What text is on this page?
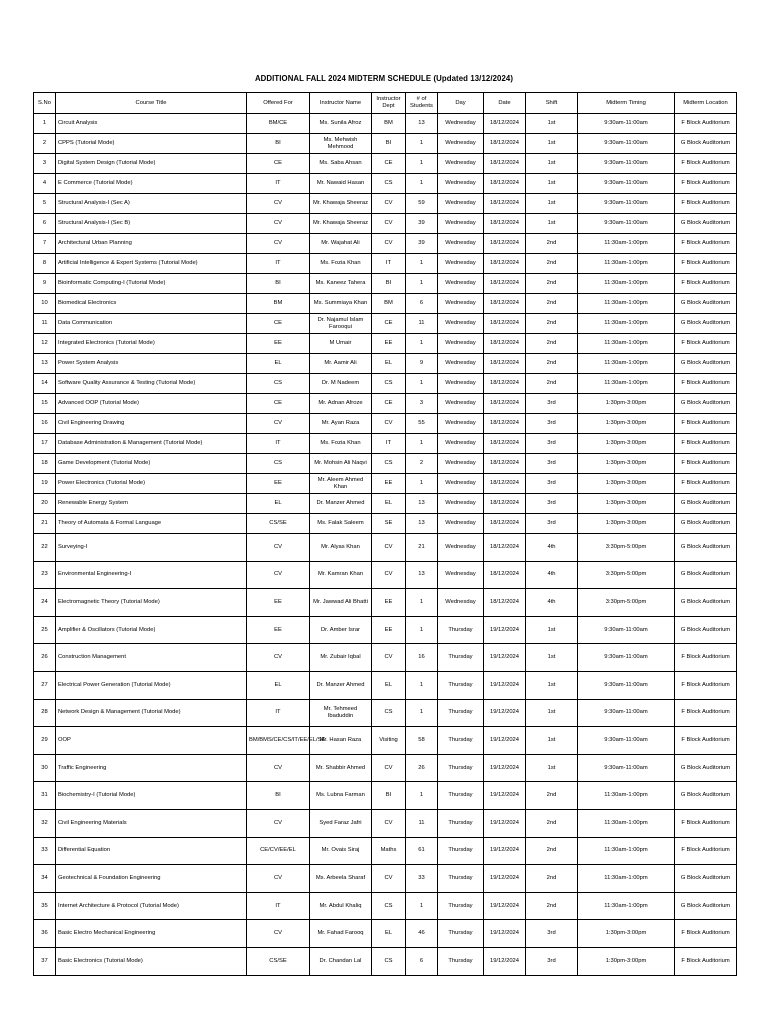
ADDITIONAL FALL 2024 MIDTERM SCHEDULE (Updated 13/12/2024)
S.No	Course Title	Offered For	Instructor Name	Instructor Dept	# of Students	Day	Date	Shift	Midterm Timing	Midterm Location
1	Circuit Analysis	BM/CE	Ms. Sunila Afroz	BM	13	Wednesday	18/12/2024	1st	9:30am-11:00am	F Block Auditorium
2	CPPS (Tutorial Mode)	BI	Ms. Mehwish Mehmood	BI	1	Wednesday	18/12/2024	1st	9:30am-11:00am	G Block Auditorium
3	Digital System Design (Tutorial Mode)	CE	Ms. Saba Ahsan	CE	1	Wednesday	18/12/2024	1st	9:30am-11:00am	F Block Auditorium
4	E Commerce (Tutorial Mode)	IT	Mr. Nawaid Hasan	CS	1	Wednesday	18/12/2024	1st	9:30am-11:00am	F Block Auditorium
5	Structural Analysis-I (Sec A)	CV	Mr. Khawaja Sheeraz	CV	59	Wednesday	18/12/2024	1st	9:30am-11:00am	F Block Auditorium
6	Structural Analysis-I (Sec B)	CV	Mr. Khawaja Sheeraz	CV	39	Wednesday	18/12/2024	1st	9:30am-11:00am	G Block Auditorium
7	Architectural Urban Planning	CV	Mr. Wajahat Ali	CV	39	Wednesday	18/12/2024	2nd	11:30am-1:00pm	F Block Auditorium
8	Artificial Intelligence & Expert Systems (Tutorial Mode)	IT	Ms. Fozia Khan	IT	1	Wednesday	18/12/2024	2nd	11:30am-1:00pm	F Block Auditorium
9	Bioinformatic Computing-I (Tutorial Mode)	BI	Ms. Kaneez Tahera	BI	1	Wednesday	18/12/2024	2nd	11:30am-1:00pm	F Block Auditorium
10	Biomedical Electronics	BM	Ms. Summiaya Khan	BM	6	Wednesday	18/12/2024	2nd	11:30am-1:00pm	G Block Auditorium
11	Data Communication	CE	Dr. Najamul Islam Farooqui	CE	11	Wednesday	18/12/2024	2nd	11:30am-1:00pm	G Block Auditorium
12	Integrated Electronics (Tutorial Mode)	EE	M Umair	EE	1	Wednesday	18/12/2024	2nd	11:30am-1:00pm	F Block Auditorium
13	Power System Analysis	EL	Mr. Aamir Ali	EL	9	Wednesday	18/12/2024	2nd	11:30am-1:00pm	G Block Auditorium
14	Software Quality Assurance & Testing (Tutorial Mode)	CS	Dr. M Nadeem	CS	1	Wednesday	18/12/2024	2nd	11:30am-1:00pm	F Block Auditorium
15	Advanced OOP (Tutorial Mode)	CE	Mr. Adnan Afroze	CE	3	Wednesday	18/12/2024	3rd	1:30pm-3:00pm	G Block Auditorium
16	Civil Engineering Drawing	CV	Mr. Ayan Raza	CV	55	Wednesday	18/12/2024	3rd	1:30pm-3:00pm	F Block Auditorium
17	Database Administration & Management (Tutorial Mode)	IT	Ms. Fozia Khan	IT	1	Wednesday	18/12/2024	3rd	1:30pm-3:00pm	F Block Auditorium
18	Game Development (Tutorial Mode)	CS	Mr. Mohsin Ali Naqvi	CS	2	Wednesday	18/12/2024	3rd	1:30pm-3:00pm	F Block Auditorium
19	Power Electronics (Tutorial Mode)	EE	Mr. Aleem Ahmed Khan	EE	1	Wednesday	18/12/2024	3rd	1:30pm-3:00pm	F Block Auditorium
20	Renewable Energy System	EL	Dr. Manzer Ahmed	EL	13	Wednesday	18/12/2024	3rd	1:30pm-3:00pm	G Block Auditorium
21	Theory of Automata & Formal Language	CS/SE	Ms. Falak Saleem	SE	13	Wednesday	18/12/2024	3rd	1:30pm-3:00pm	G Block Auditorium
22	Surveying-I	CV	Mr. Alyas Khan	CV	21	Wednesday	18/12/2024	4th	3:30pm-5:00pm	G Block Auditorium
23	Environmental Engineering-I	CV	Mr. Kamran Khan	CV	13	Wednesday	18/12/2024	4th	3:30pm-5:00pm	G Block Auditorium
24	Electromagnetic Theory (Tutorial Mode)	EE	Mr. Jawwad Ali Bhatti	EE	1	Wednesday	18/12/2024	4th	3:30pm-5:00pm	G Block Auditorium
25	Amplifier & Oscillators (Tutorial Mode)	EE	Dr. Amber Israr	EE	1	Thursday	19/12/2024	1st	9:30am-11:00am	G Block Auditorium
26	Construction Management	CV	Mr. Zubair Iqbal	CV	16	Thursday	19/12/2024	1st	9:30am-11:00am	F Block Auditorium
27	Electrical Power Generation (Tutorial Mode)	EL	Dr. Manzer Ahmed	EL	1	Thursday	19/12/2024	1st	9:30am-11:00am	F Block Auditorium
28	Network Design & Management (Tutorial Mode)	IT	Mr. Tehmeed Ibaduddin	CS	1	Thursday	19/12/2024	1st	9:30am-11:00am	F Block Auditorium
29	OOP	BM/BMS/CE/CS/IT/EE/EL/SE	Mr. Hasan Raza	Visiting	58	Thursday	19/12/2024	1st	9:30am-11:00am	F Block Auditorium
30	Traffic Engineering	CV	Mr. Shabbir Ahmed	CV	26	Thursday	19/12/2024	1st	9:30am-11:00am	G Block Auditorium
31	Biochemistry-I (Tutorial Mode)	BI	Ms. Lubna Farman	BI	1	Thursday	19/12/2024	2nd	11:30am-1:00pm	G Block Auditorium
32	Civil Engineering Materials	CV	Syed Faraz Jafri	CV	11	Thursday	19/12/2024	2nd	11:30am-1:00pm	F Block Auditorium
33	Differential Equation	CE/CV/EE/EL	Mr. Ovais Siraj	Maths	61	Thursday	19/12/2024	2nd	11:30am-1:00pm	F Block Auditorium
34	Geotechnical & Foundation Engineering	CV	Ms. Arbeela Sharaf	CV	33	Thursday	19/12/2024	2nd	11:30am-1:00pm	G Block Auditorium
35	Internet Architecture & Protocol (Tutorial Mode)	IT	Mr. Abdul Khaliq	CS	1	Thursday	19/12/2024	2nd	11:30am-1:00pm	G Block Auditorium
36	Basic Electro Mechanical Engineering	CV	Mr. Fahad Farooq	EL	46	Thursday	19/12/2024	3rd	1:30pm-3:00pm	F Block Auditorium
37	Basic Electronics (Tutorial Mode)	CS/SE	Dr. Chandan Lal	CS	6	Thursday	19/12/2024	3rd	1:30pm-3:00pm	F Block Auditorium
